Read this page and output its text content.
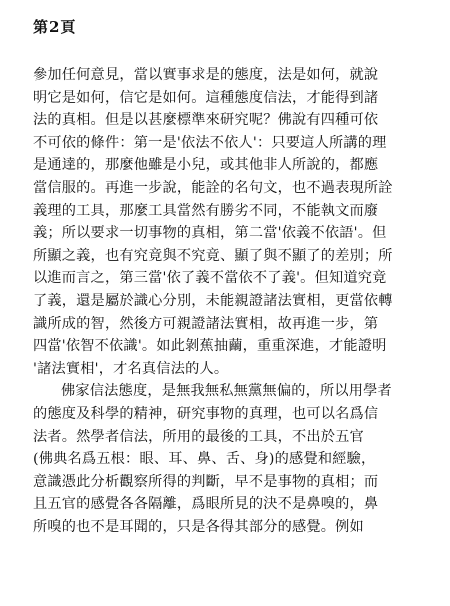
第2頁
參加任何意見，當以實事求是的態度，法是如何，就說
明它是如何，信它是如何。這種態度信法，才能得到諸
法的真相。但是以甚麼標準來研究呢？佛說有四種可依
不可依的條件：第一是'依法不依人'：只要這人所講的理
是通達的，那麼他雖是小兒，或其他非人所說的，都應
當信服的。再進一步說，能詮的名句文，也不過表現所詮
義理的工具，那麼工具當然有勝劣不同，不能執文而廢
義；所以要求一切事物的真相，第二當'依義不依語'。但
所顯之義，也有究竟與不究竟、顯了與不顯了的差別；所
以進而言之，第三當'依了義不當依不了義'。但知道究竟
了義，還是屬於識心分別，未能親證諸法實相，更當依轉
識所成的智，然後方可親證諸法實相，故再進一步，第
四當'依智不依識'。如此剝蕉抽繭，重重深進，才能證明
'諸法實相'，才名真信法的人。
佛家信法態度，是無我無私無黨無偏的，所以用學者
的態度及科學的精神，研究事物的真理，也可以名爲信
法者。然學者信法，所用的最後的工具，不出於五官
(佛典名爲五根：眼、耳、鼻、舌、身)的感覺和經驗，
意識憑此分析觀察所得的判斷，早不是事物的真相；而
且五官的感覺各各隔離，爲眼所見的決不是鼻嗅的，鼻
所嗅的也不是耳聞的，只是各得其部分的感覺。例如
